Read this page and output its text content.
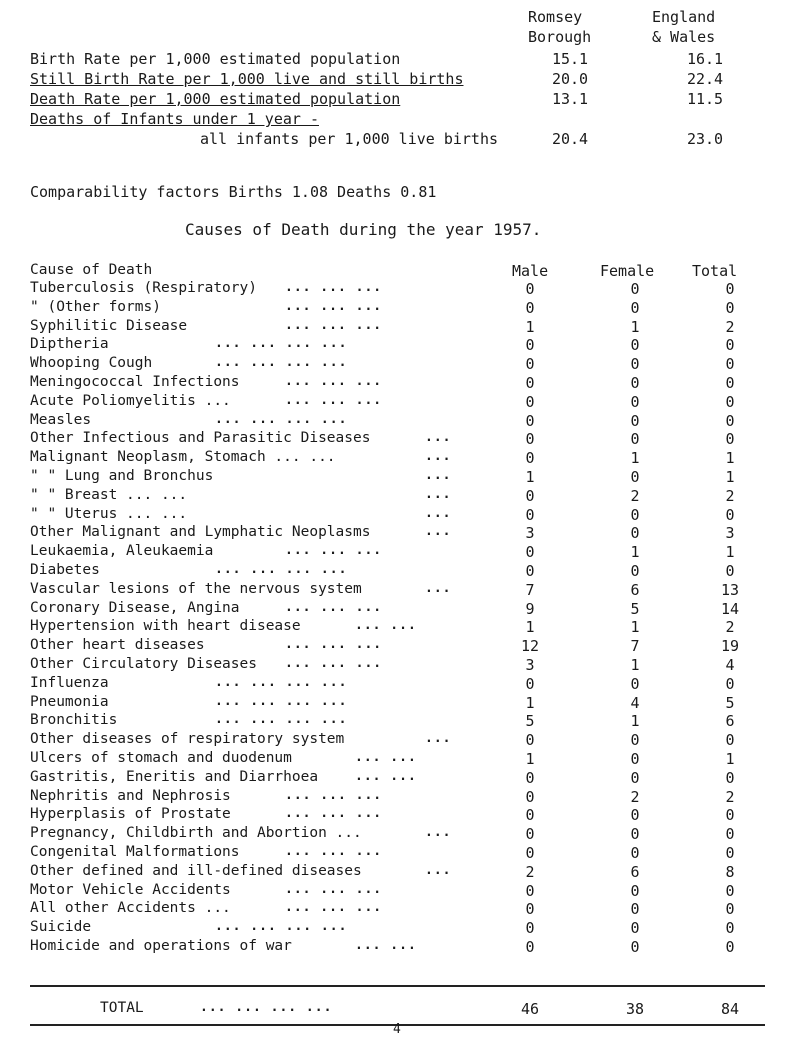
Romsey
Borough
England
& Wales
Birth Rate per 1,000 estimated population	15.1	16.1
Still Birth Rate per 1,000 live and still births	20.0	22.4
Death Rate per 1,000 estimated population	13.1	11.5
Deaths of Infants under 1 year -
all infants per 1,000 live births	20.4	23.0
Comparability factors Births 1.08 Deaths 0.81
Causes of Death during the year 1957.
Cause of Death	Male	Female	Total
Tuberculosis (Respiratory) ... ... ...	0	0	0
" (Other forms)	... ... ...	0	0	0
Syphilitic Disease	... ... ...	1	1	2
Diptheria	... ... ... ...	0	0	0
Whooping Cough	... ... ... ...	0	0	0
Meningococcal Infections	... ... ...	0	0	0
Acute Poliomyelitis ...	... ... ...	0	0	0
Measles	... ... ... ...	0	0	0
Other Infectious and Parasitic Diseases	...	0	0	0
Malignant Neoplasm, Stomach ... ...	...	0	1	1
" " Lung and Bronchus	...	1	0	1
" " Breast ... ...	...	0	2	2
" " Uterus ... ...	...	0	0	0
Other Malignant and Lymphatic Neoplasms	...	3	0	3
Leukaemia, Aleukaemia	... ... ...	0	1	1
Diabetes	... ... ... ...	0	0	0
Vascular lesions of the nervous system	...	7	6	13
Coronary Disease, Angina	... ... ...	9	5	14
Hypertension with heart disease	... ...	1	1	2
Other heart diseases	... ... ...	12	7	19
Other Circulatory Diseases ... ... ...	3	1	4
Influenza	... ... ... ...	0	0	0
Pneumonia	... ... ... ...	1	4	5
Bronchitis	... ... ... ...	5	1	6
Other diseases of respiratory system	...	0	0	0
Ulcers of stomach and duodenum	... ...	1	0	1
Gastritis, Eneritis and Diarrhoea	... ...	0	0	0
Nephritis and Nephrosis	... ... ...	0	2	2
Hyperplasis of Prostate	... ... ...	0	0	0
Pregnancy, Childbirth and Abortion ...	...	0	0	0
Congenital Malformations	... ... ...	0	0	0
Other defined and ill-defined diseases	...	2	6	8
Motor Vehicle Accidents	... ... ...	0	0	0
All other Accidents ...	... ... ...	0	0	0
Suicide	... ... ... ...	0	0	0
Homicide and operations of war	... ...	0	0	0
TOTAL	... ... ... ...	46	38	84
4
